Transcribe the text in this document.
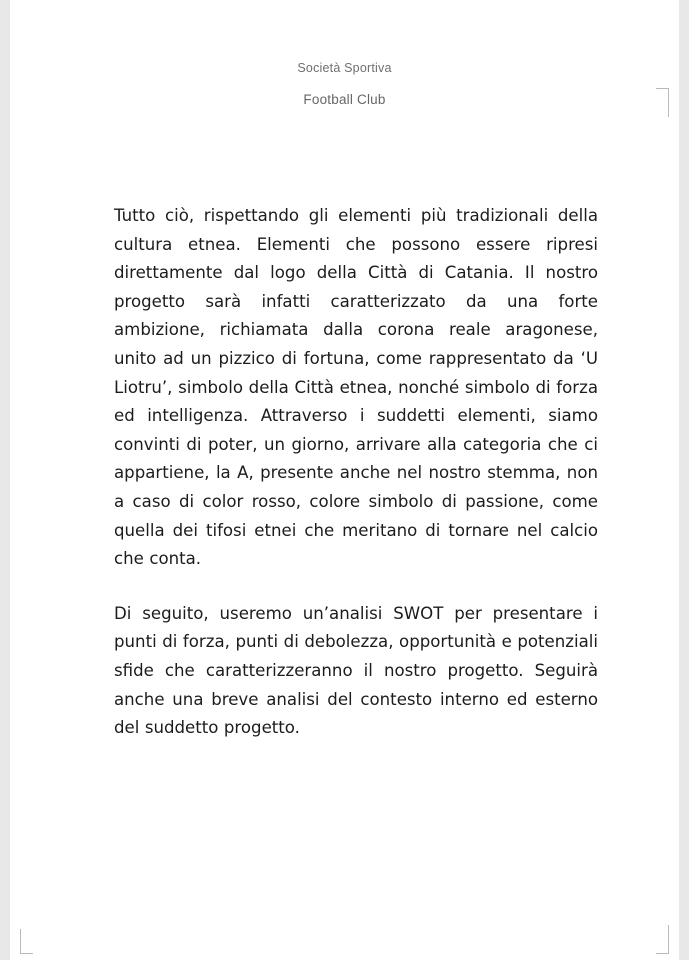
Società Sportiva
Football Club

Tutto ciò, rispettando gli elementi più tradizionali della cultura etnea. Elementi che possono essere ripresi direttamente dal logo della Città di Catania. Il nostro progetto sarà infatti caratterizzato da una forte ambizione, richiamata dalla corona reale aragonese, unito ad un pizzico di fortuna, come rappresentato da ‘U Liotru’, simbolo della Città etnea, nonché simbolo di forza ed intelligenza. Attraverso i suddetti elementi, siamo convinti di poter, un giorno, arrivare alla categoria che ci appartiene, la A, presente anche nel nostro stemma, non a caso di color rosso, colore simbolo di passione, come quella dei tifosi etnei che meritano di tornare nel calcio che conta.

Di seguito, useremo un’analisi SWOT per presentare i punti di forza, punti di debolezza, opportunità e potenziali sfide che caratterizzeranno il nostro progetto. Seguirà anche una breve analisi del contesto interno ed esterno del suddetto progetto.
